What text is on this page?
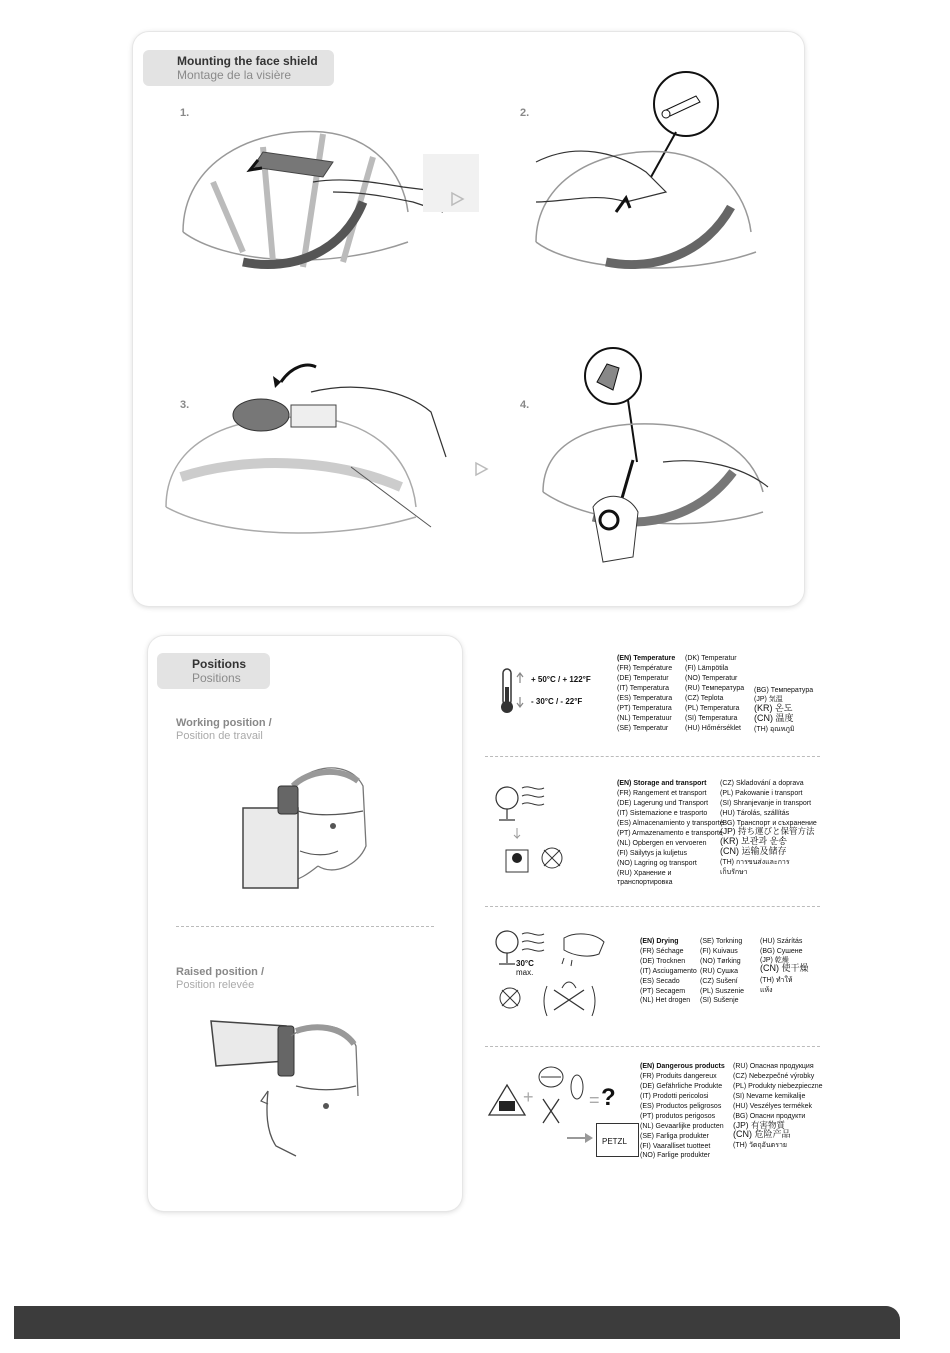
Mounting the face shield
Montage de la visière
1.	2.
3.	4.
Positions
Positions
Working position /
Position de travail
Raised position /
Position relevée
+ 50°C / + 122°F
- 30°C / - 22°F
(EN) Temperature
(FR) Température
(DE) Temperatur
(IT) Temperatura
(ES) Temperatura
(PT) Temperatura
(NL) Temperatuur
(SE) Temperatur
(DK) Temperatur
(FI) Lämpötila
(NO) Temperatur
(RU) Температура
(CZ) Teplota
(PL) Temperatura
(SI) Temperatura
(HU) Hőmérséklet
(BG) Температура
(JP) 気温
(KR) 온도
(CN) 温度
(TH) อุณหภูมิ
(EN) Storage and transport
(FR) Rangement et transport
(DE) Lagerung und Transport
(IT) Sistemazione e trasporto
(ES) Almacenamiento y transporte
(PT) Armazenamento e transporte
(NL) Opbergen en vervoeren
(FI) Säilytys ja kuljetus
(NO) Lagring og transport
(RU) Хранение и
транспортировка
(CZ) Skladování a doprava
(PL) Pakowanie i transport
(SI) Shranjevanje in transport
(HU) Tárolás, szállítás
(BG) Транспорт и съхранение
(JP) 持ち運びと保管方法
(KR) 보관과 운송
(CN) 运输及储存
(TH) การขนส่งและการ
เก็บรักษา
30°C
max.
(EN) Drying
(FR) Séchage
(DE) Trocknen
(IT) Asciugamento
(ES) Secado
(PT) Secagem
(NL) Het drogen
(SE) Torkning
(FI) Kuivaus
(NO) Tørking
(RU) Сушка
(CZ) Sušení
(PL) Suszenie
(SI) Sušenje
(HU) Szárítás
(BG) Сушене
(JP) 乾燥
(CN) 使干燥
(TH) ทำให้
แห้ง
+	= ?
PETZL
(EN) Dangerous products
(FR) Produits dangereux
(DE) Gefährliche Produkte
(IT) Prodotti pericolosi
(ES) Productos peligrosos
(PT) produtos perigosos
(NL) Gevaarlijke producten
(SE) Farliga produkter
(FI) Vaaralliset tuotteet
(NO) Farlige produkter
(RU) Опасная продукция
(CZ) Nebezpečné výrobky
(PL) Produkty niebezpieczne
(SI) Nevarne kemikalije
(HU) Veszélyes termékek
(BG) Опасни продукти
(JP) 有害物質
(CN) 危险产品
(TH) วัตถุอันตราย
